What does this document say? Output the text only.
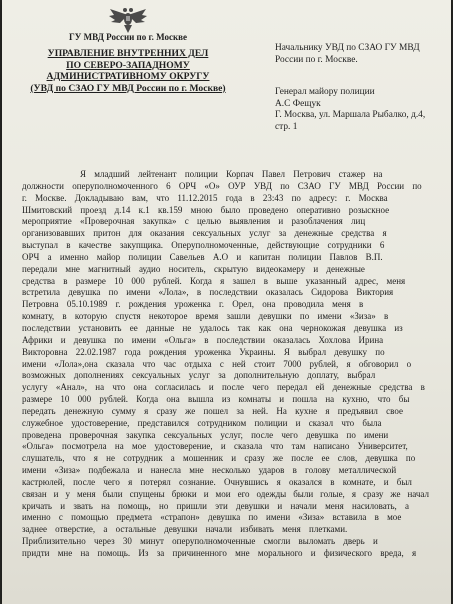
ГУ МВД России по г. Москве
УПРАВЛЕНИЕ ВНУТРЕННИХ ДЕЛ
ПО СЕВЕРО-ЗАПАДНОМУ
АДМИНИСТРАТИВНОМУ ОКРУГУ
(УВД по СЗАО ГУ МВД России по г. Москве)
Начальнику УВД по СЗАО ГУ МВД
России по г. Москве.
Генерал майору полиции
А.С Фещук
Г. Москва, ул. Маршала Рыбалко, д.4,
стр. 1
Я младший лейтенант полиции Корпач Павел Петрович стажер на
должности оперуполномоченного 6 ОРЧ «О» ОУР УВД по СЗАО ГУ МВД России по
г. Москве. Докладываю вам, что 11.12.2015 года в 23:43 по адресу: г. Москва
Шмитовский проезд д.14 к.1 кв.159 мною было проведено оперативно розыскное
мероприятие «Проверочная закупка» с целью выявления и разоблачения лиц
организовавших притон для оказания сексуальных услуг за денежные средства я
выступал в качестве закупщика. Оперуполномоченные, действующие сотрудники 6
ОРЧ а именно майор полиции Савельев А.О и капитан полиции Павлов В.П.
передали мне магнитный аудио носитель, скрытую видеокамеру и денежные
средства в размере 10 000 рублей. Когда я зашел в выше указанный адрес, меня
встретила девушка по имени «Лола», в последствии оказалась Сидорова Виктория
Петровна 05.10.1989 г. рождения уроженка г. Орел, она проводила меня в
комнату, в которую спустя некоторое время зашли девушки по имени «Зиза» в
последствии установить ее данные не удалось так как она чернокожая девушка из
Африки и девушка по имени «Ольга» в последствии оказалась Хохлова Ирина
Викторовна 22.02.1987 года рождения уроженка Украины. Я выбрал девушку по
имени «Лола»,она сказала что час отдыха с ней стоит 7000 рублей, я обговорил о
возможных дополнениях сексуальных услуг за дополнительную доплату, выбрал
услугу «Анал», на что она согласилась и после чего передал ей денежные средства в
размере 10 000 рублей. Когда она вышла из комнаты и пошла на кухню, что бы
передать денежную сумму я сразу же пошел за ней. На кухне я предъявил свое
служебное удостоверение, представился сотрудником полиции и сказал что была
проведена проверочная закупка сексуальных услуг, после чего девушка по имени
«Ольга» посмотрела на мое удостоверение, и сказала что там написано Университет,
слушатель, что я не сотрудник а мошенник и сразу же после ее слов, девушка по
имени «Зиза» подбежала и нанесла мне несколько ударов в голову металлической
кастрюлей, после чего я потерял сознание. Очнувшись я оказался в комнате, и был
связан и у меня были спущены брюки и мои его одежды были голые, я сразу же начал
кричать и звать на помощь, но пришли эти девушки и начали меня насиловать, а
именно с помощью предмета «страпон» девушка по имени «Зиза» вставила в мое
заднее отверстие, а остальные девушки начали избивать меня плетками.
Приблизительно через 30 минут оперуполномоченные смогли выломать дверь и
придти мне на помощь. Из за причиненного мне морального и физического вреда, я
